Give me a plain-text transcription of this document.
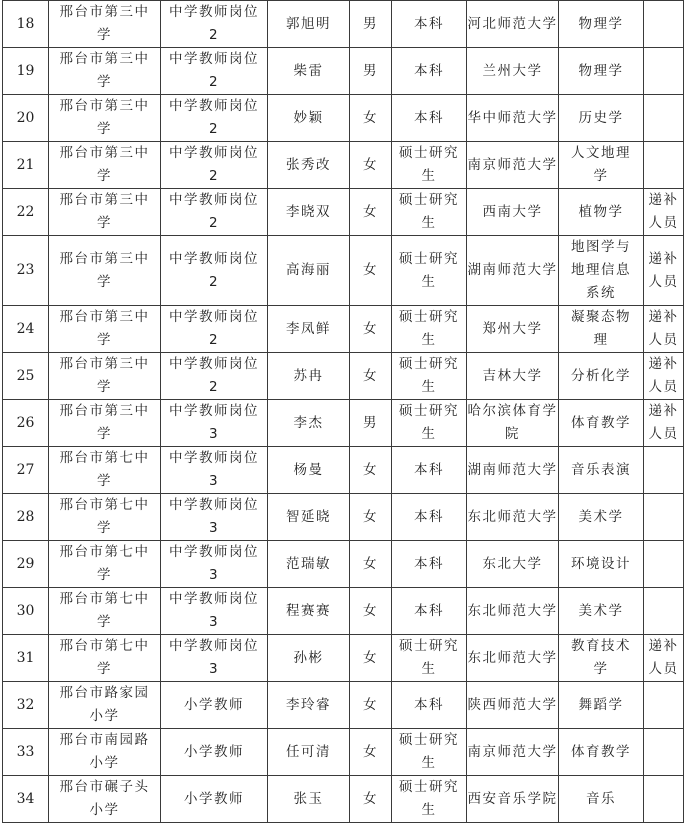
18	邢台市第三中学	中学教师岗位2	郭旭明	男	本科	河北师范大学	物理学	
19	邢台市第三中学	中学教师岗位2	柴雷	男	本科	兰州大学	物理学	
20	邢台市第三中学	中学教师岗位2	妙颖	女	本科	华中师范大学	历史学	
21	邢台市第三中学	中学教师岗位2	张秀改	女	硕士研究生	南京师范大学	人文地理学	
22	邢台市第三中学	中学教师岗位2	李晓双	女	硕士研究生	西南大学	植物学	递补人员
23	邢台市第三中学	中学教师岗位2	高海丽	女	硕士研究生	湖南师范大学	地图学与地理信息系统	递补人员
24	邢台市第三中学	中学教师岗位2	李凤鲜	女	硕士研究生	郑州大学	凝聚态物理	递补人员
25	邢台市第三中学	中学教师岗位2	苏冉	女	硕士研究生	吉林大学	分析化学	递补人员
26	邢台市第三中学	中学教师岗位3	李杰	男	硕士研究生	哈尔滨体育学院	体育教学	递补人员
27	邢台市第七中学	中学教师岗位3	杨曼	女	本科	湖南师范大学	音乐表演	
28	邢台市第七中学	中学教师岗位3	智延晓	女	本科	东北师范大学	美术学	
29	邢台市第七中学	中学教师岗位3	范瑞敏	女	本科	东北大学	环境设计	
30	邢台市第七中学	中学教师岗位3	程赛赛	女	本科	东北师范大学	美术学	
31	邢台市第七中学	中学教师岗位3	孙彬	女	硕士研究生	东北师范大学	教育技术学	递补人员
32	邢台市路家园小学	小学教师	李玲睿	女	本科	陕西师范大学	舞蹈学	
33	邢台市南园路小学	小学教师	任可清	女	硕士研究生	南京师范大学	体育教学	
34	邢台市碾子头小学	小学教师	张玉	女	硕士研究生	西安音乐学院	音乐	
